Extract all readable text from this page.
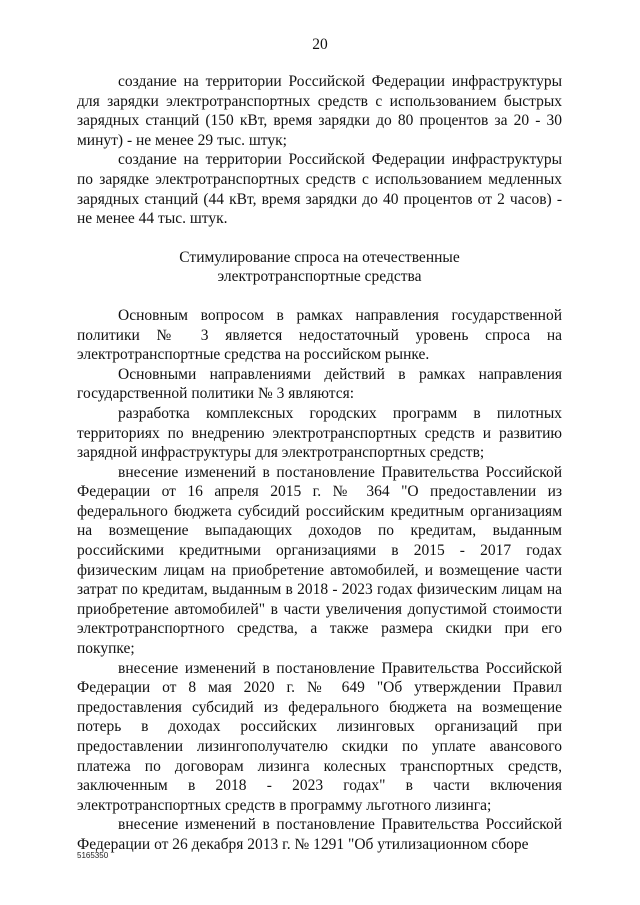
20

создание на территории Российской Федерации инфраструктуры для зарядки электротранспортных средств с использованием быстрых зарядных станций (150 кВт, время зарядки до 80 процентов за 20 - 30 минут) - не менее 29 тыс. штук;

создание на территории Российской Федерации инфраструктуры по зарядке электротранспортных средств с использованием медленных зарядных станций (44 кВт, время зарядки до 40 процентов от 2 часов) - не менее 44 тыс. штук.

Стимулирование спроса на отечественные
электротранспортные средства

Основным вопросом в рамках направления государственной политики № 3 является недостаточный уровень спроса на электротранспортные средства на российском рынке.

Основными направлениями действий в рамках направления государственной политики № 3 являются:

разработка комплексных городских программ в пилотных территориях по внедрению электротранспортных средств и развитию зарядной инфраструктуры для электротранспортных средств;

внесение изменений в постановление Правительства Российской Федерации от 16 апреля 2015 г. № 364 "О предоставлении из федерального бюджета субсидий российским кредитным организациям на возмещение выпадающих доходов по кредитам, выданным российскими кредитными организациями в 2015 - 2017 годах физическим лицам на приобретение автомобилей, и возмещение части затрат по кредитам, выданным в 2018 - 2023 годах физическим лицам на приобретение автомобилей" в части увеличения допустимой стоимости электротранспортного средства, а также размера скидки при его покупке;

внесение изменений в постановление Правительства Российской Федерации от 8 мая 2020 г. № 649 "Об утверждении Правил предоставления субсидий из федерального бюджета на возмещение потерь в доходах российских лизинговых организаций при предоставлении лизингополучателю скидки по уплате авансового платежа по договорам лизинга колесных транспортных средств, заключенным в 2018 - 2023 годах" в части включения электротранспортных средств в программу льготного лизинга;

внесение изменений в постановление Правительства Российской Федерации от 26 декабря 2013 г. № 1291 "Об утилизационном сборе

5165350
